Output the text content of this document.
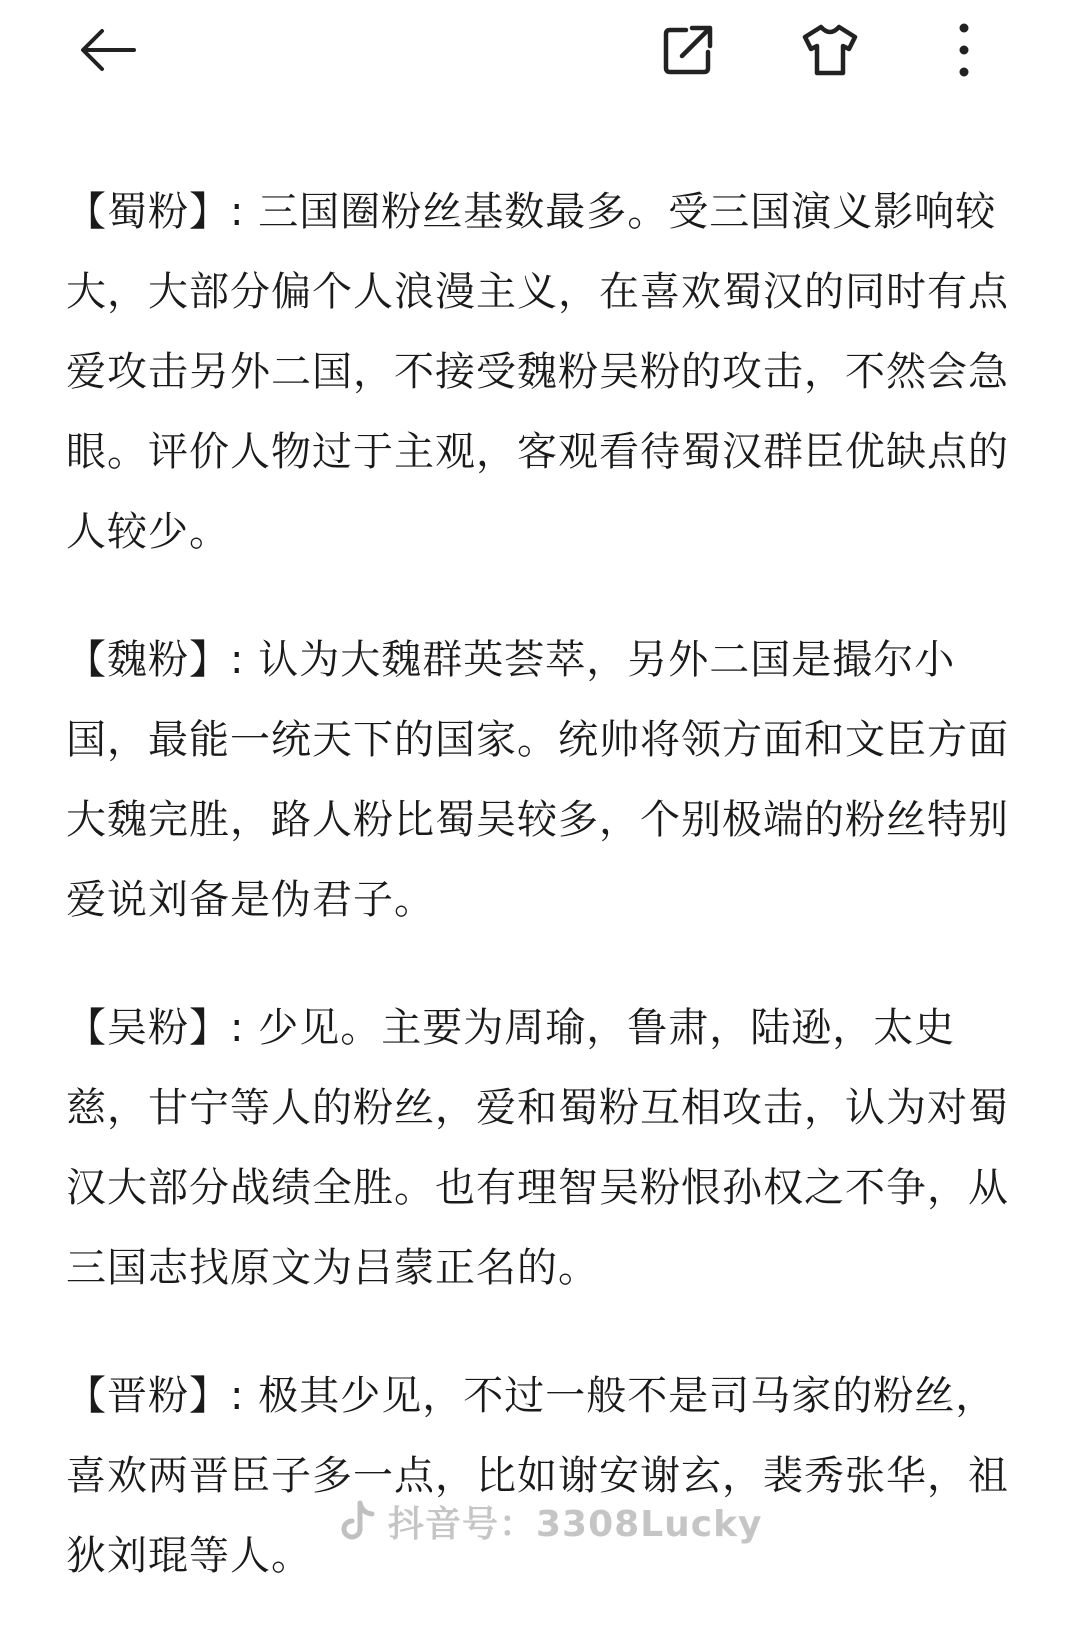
【蜀粉】: 三国圈粉丝基数最多。受三国演义影响较大，大部分偏个人浪漫主义，在喜欢蜀汉的同时有点爱攻击另外二国，不接受魏粉吴粉的攻击，不然会急眼。评价人物过于主观，客观看待蜀汉群臣优缺点的人较少。

【魏粉】: 认为大魏群英荟萃，另外二国是撮尔小国，最能一统天下的国家。统帅将领方面和文臣方面大魏完胜，路人粉比蜀吴较多，个别极端的粉丝特别爱说刘备是伪君子。

【吴粉】: 少见。主要为周瑜，鲁肃，陆逊，太史慈，甘宁等人的粉丝，爱和蜀粉互相攻击，认为对蜀汉大部分战绩全胜。也有理智吴粉恨孙权之不争，从三国志找原文为吕蒙正名的。

【晋粉】: 极其少见，不过一般不是司马家的粉丝，喜欢两晋臣子多一点，比如谢安谢玄，裴秀张华，祖狄刘琨等人。

抖音号：3308Lucky
